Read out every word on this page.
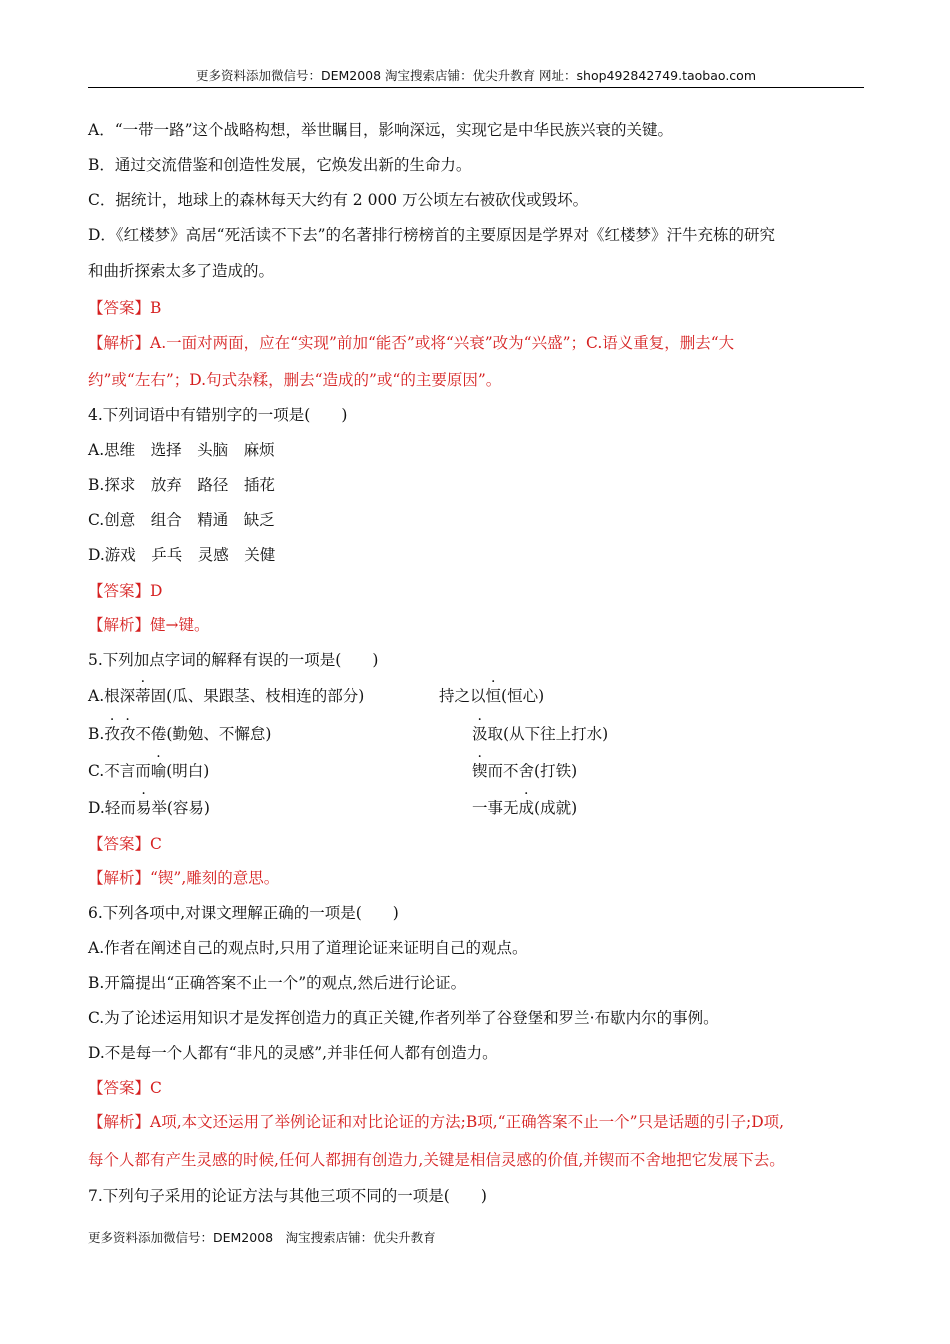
更多资料添加微信号：DEM2008 淘宝搜索店铺：优尖升教育 网址：shop492842749.taobao.com
A．“一带一路”这个战略构想，举世瞩目，影响深远，实现它是中华民族兴衰的关键。
B．通过交流借鉴和创造性发展，它焕发出新的生命力。
C．据统计，地球上的森林每天大约有 2 000 万公顷左右被砍伐或毁坏。
D．《红楼梦》高居“死活读不下去”的名著排行榜榜首的主要原因是学界对《红楼梦》汗牛充栋的研究
和曲折探索太多了造成的。
【答案】B
【解析】A.一面对两面，应在“实现”前加“能否”或将“兴衰”改为“兴盛”；C.语义重复，删去“大
约”或“左右”；D.句式杂糅，删去“造成的”或“的主要原因”。
4.下列词语中有错别字的一项是(　　)
A.思维　选择　头脑　麻烦
B.探求　放弃　路径　插花
C.创意　组合　精通　缺乏
D.游戏　乒乓　灵感　关健
【答案】D
【解析】健→键。
5.下列加点字词的解释有误的一项是(　　)
A.根深蒂固(瓜、果跟茎、枝相连的部分)	持之以恒(恒心)
B.孜孜不倦(勤勉、不懈怠)	汲取(从下往上打水)
C.不言而喻(明白)	锲而不舍(打铁)
D.轻而易举(容易)	一事无成(成就)
【答案】C
【解析】“锲”,雕刻的意思。
6.下列各项中,对课文理解正确的一项是(　　)
A.作者在阐述自己的观点时,只用了道理论证来证明自己的观点。
B.开篇提出“正确答案不止一个”的观点,然后进行论证。
C.为了论述运用知识才是发挥创造力的真正关键,作者列举了谷登堡和罗兰·布歇内尔的事例。
D.不是每一个人都有“非凡的灵感”,并非任何人都有创造力。
【答案】C
【解析】A项,本文还运用了举例论证和对比论证的方法;B项,“正确答案不止一个”只是话题的引子;D项,
每个人都有产生灵感的时候,任何人都拥有创造力,关键是相信灵感的价值,并锲而不舍地把它发展下去。
7.下列句子采用的论证方法与其他三项不同的一项是(　　)
更多资料添加微信号：DEM2008　淘宝搜索店铺：优尖升教育
